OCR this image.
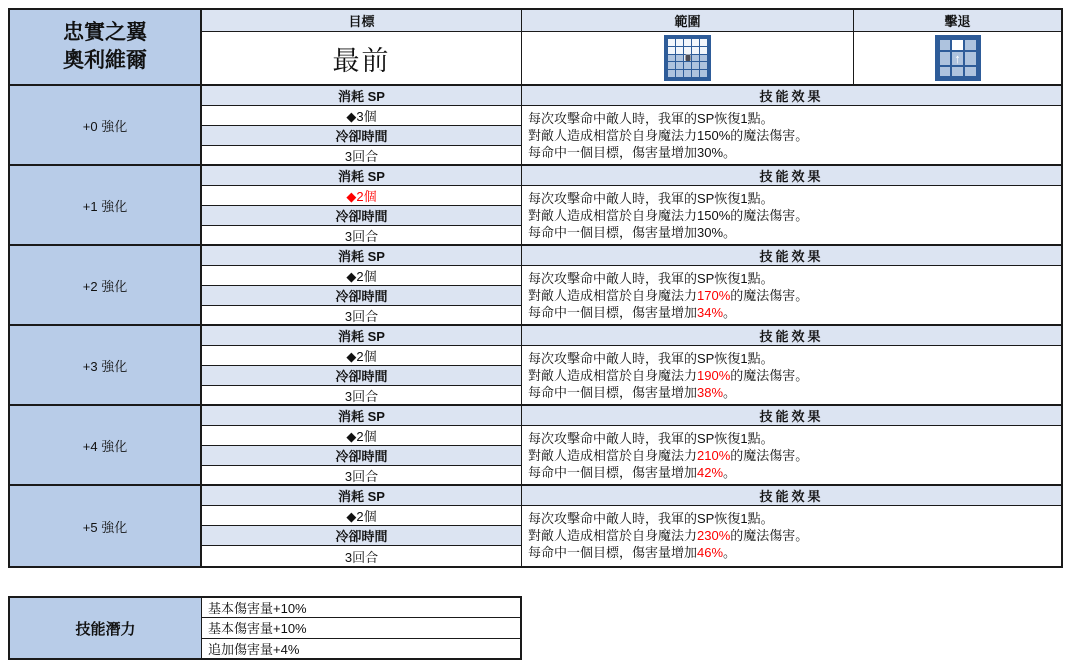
忠實之翼
奧利維爾
目標
最前
範圍	擊退
↑
+0 強化
消耗 SP
◆3個
冷卻時間
3回合
技能效果
每次攻擊命中敵人時，我軍的SP恢復1點。
對敵人造成相當於自身魔法力150%的魔法傷害。
每命中一個目標，傷害量增加30%。
+1 強化
消耗 SP
◆2個
冷卻時間
3回合
技能效果
每次攻擊命中敵人時，我軍的SP恢復1點。
對敵人造成相當於自身魔法力150%的魔法傷害。
每命中一個目標，傷害量增加30%。
+2 強化
消耗 SP
◆2個
冷卻時間
3回合
技能效果
每次攻擊命中敵人時，我軍的SP恢復1點。
對敵人造成相當於自身魔法力170%的魔法傷害。
每命中一個目標，傷害量增加34%。
+3 強化
消耗 SP
◆2個
冷卻時間
3回合
技能效果
每次攻擊命中敵人時，我軍的SP恢復1點。
對敵人造成相當於自身魔法力190%的魔法傷害。
每命中一個目標，傷害量增加38%。
+4 強化
消耗 SP
◆2個
冷卻時間
3回合
技能效果
每次攻擊命中敵人時，我軍的SP恢復1點。
對敵人造成相當於自身魔法力210%的魔法傷害。
每命中一個目標，傷害量增加42%。
+5 強化
消耗 SP
◆2個
冷卻時間
3回合
技能效果
每次攻擊命中敵人時，我軍的SP恢復1點。
對敵人造成相當於自身魔法力230%的魔法傷害。
每命中一個目標，傷害量增加46%。
技能潛力
基本傷害量+10%
基本傷害量+10%
追加傷害量+4%
